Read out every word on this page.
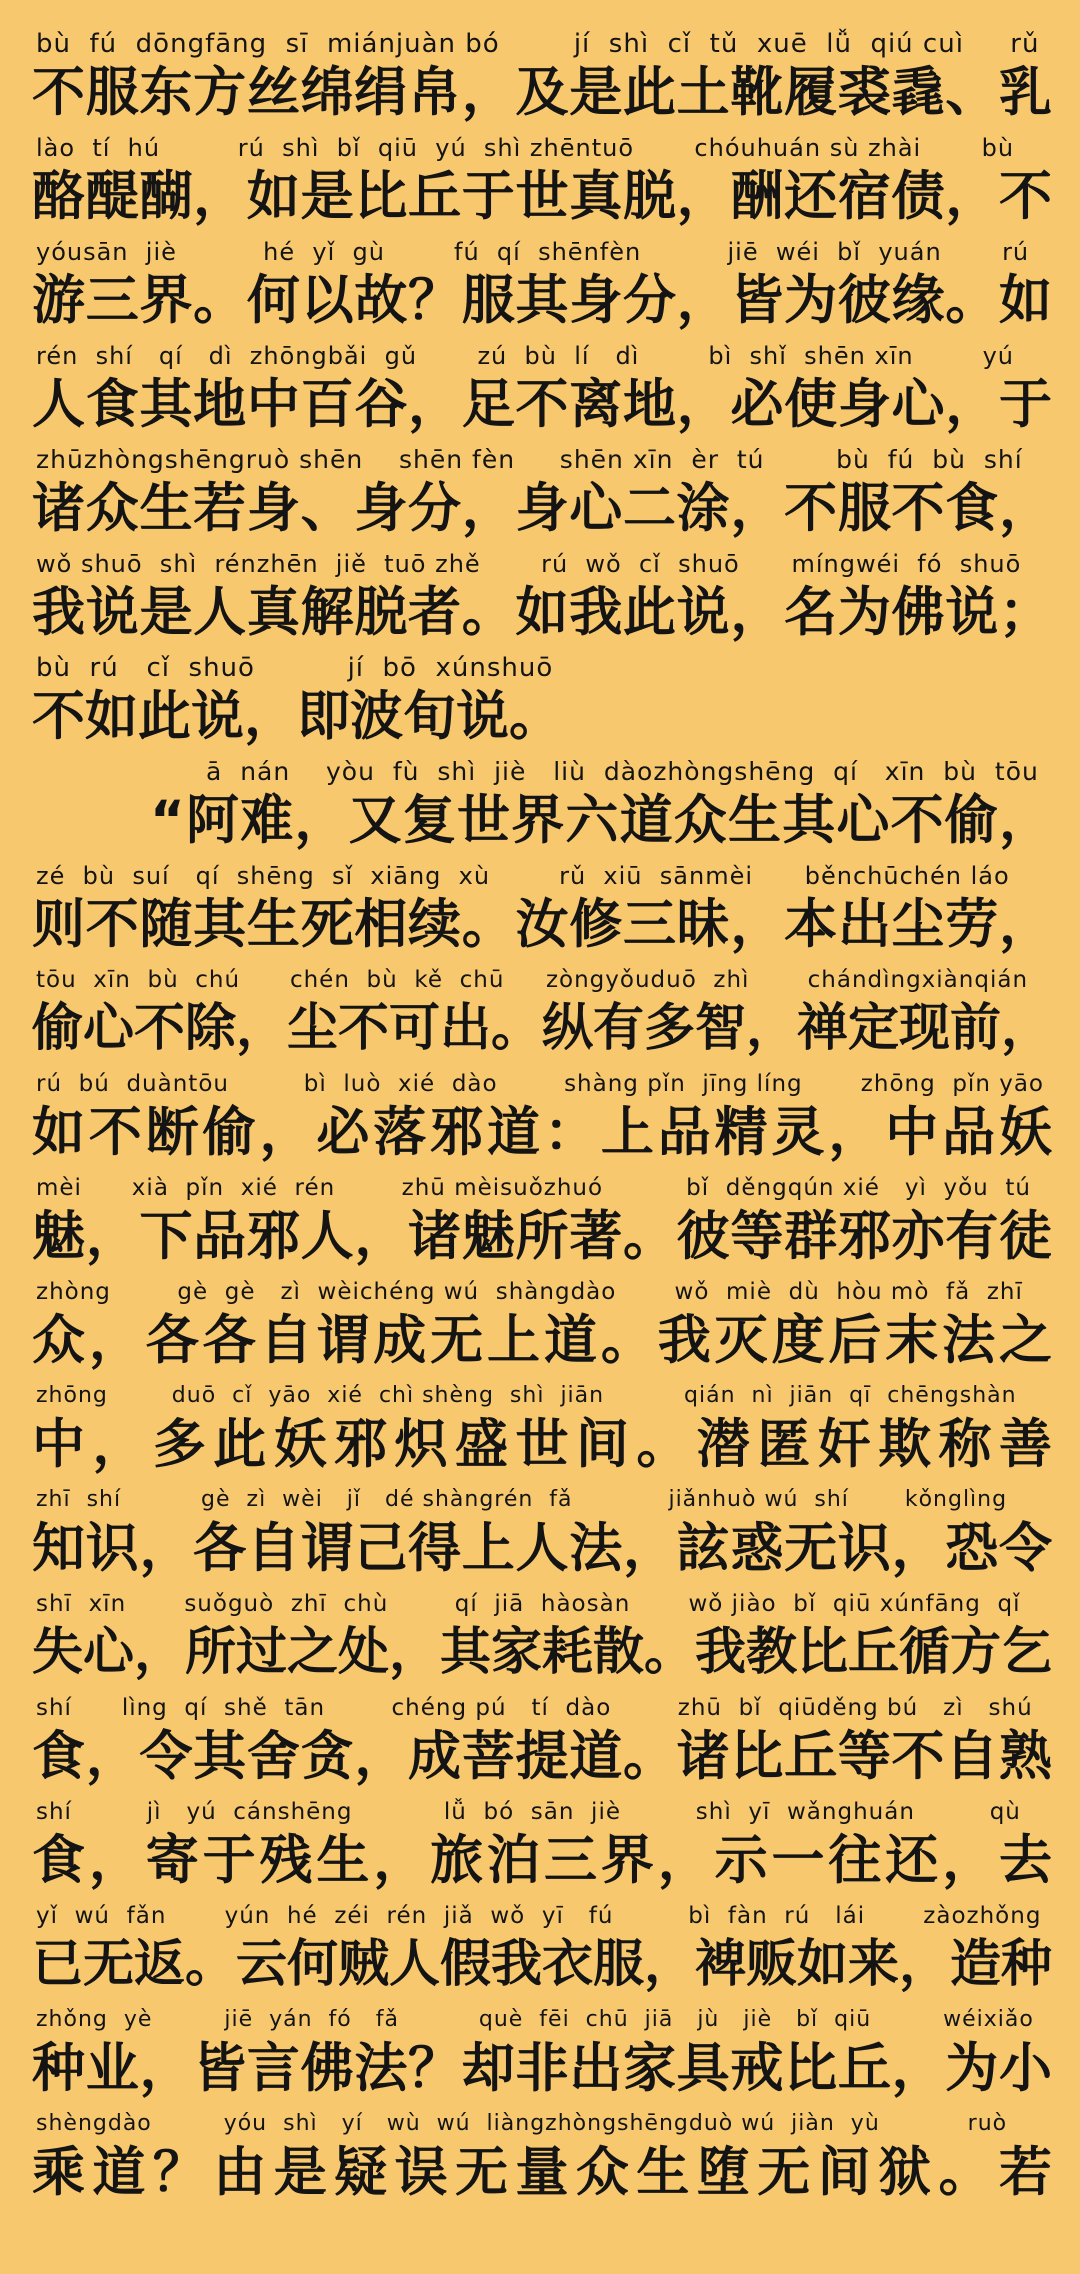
bù  fú  dōngfāng  sī  miánjuàn bó        jí  shì  cǐ  tǔ  xuē  lǚ  qiú cuì     rǔ
不服东方丝绵绢帛，及是此土靴履裘毳、乳
lào  tí  hú         rú  shì  bǐ  qiū  yú  shì zhēntuō       chóuhuán sù zhài       bù
酪醍醐，如是比丘于世真脱，酬还宿债，不
yóusān  jiè          hé  yǐ  gù        fú  qí  shēnfèn          jiē  wéi  bǐ  yuán       rú
游三界。何以故？服其身分，皆为彼缘。如
rén  shí   qí   dì  zhōngbǎi  gǔ       zú  bù  lí   dì        bì  shǐ  shēn xīn        yú
人食其地中百谷，足不离地，必使身心，于
zhūzhòngshēngruò shēn    shēn fèn     shēn xīn  èr  tú        bù  fú  bù  shí
诸众生若身、身分，身心二涂，不服不食，
wǒ shuō  shì  rénzhēn  jiě  tuō zhě       rú  wǒ  cǐ  shuō      míngwéi  fó  shuō
我说是人真解脱者。如我此说，名为佛说；
bù  rú   cǐ  shuō          jí  bō  xúnshuō
不如此说，即波旬说。
ā  nán    yòu  fù  shì  jiè   liù  dàozhòngshēng  qí   xīn  bù  tōu
“阿难，又复世界六道众生其心不偷，
zé  bù  suí   qí  shēng  sǐ  xiāng  xù        rǔ  xiū  sānmèi      běnchūchén láo
则不随其生死相续。汝修三昧，本出尘劳，
tōu  xīn  bù  chú      chén  bù  kě  chū     zòngyǒuduō  zhì       chándìngxiànqián
偷心不除，尘不可出。纵有多智，禅定现前，
rú  bú  duàntōu         bì  luò  xié  dào        shàng pǐn  jīng líng       zhōng  pǐn yāo
如不断偷，必落邪道：上品精灵，中品妖
mèi      xià  pǐn  xié  rén        zhū mèisuǒzhuó          bǐ  děngqún xié   yì  yǒu  tú
魅，下品邪人，诸魅所著。彼等群邪亦有徒
zhòng        gè  gè   zì  wèichéng wú  shàngdào       wǒ  miè  dù  hòu mò  fǎ  zhī
众，各各自谓成无上道。我灭度后末法之
zhōng        duō  cǐ  yāo  xié  chì shèng  shì  jiān          qián  nì  jiān  qī  chēngshàn
中，多此妖邪炽盛世间。潜匿奸欺称善
zhī  shí          gè  zì  wèi   jǐ   dé shàngrén  fǎ            jiǎnhuò wú  shí       kǒnglìng
知识，各自谓己得上人法，詃惑无识，恐令
shī  xīn       suǒguò  zhī  chù        qí  jiā  hàosàn       wǒ jiào  bǐ  qiū xúnfāng  qǐ
失心，所过之处，其家耗散。我教比丘循方乞
shí      lìng  qí  shě  tān        chéng pú   tí  dào        zhū  bǐ  qiūděng bú   zì   shú
食，令其舍贪，成菩提道。诸比丘等不自熟
shí         jì   yú  cánshēng           lǚ  bó  sān  jiè         shì  yī  wǎnghuán         qù
食，寄于残生，旅泊三界，示一往还，去
yǐ  wú  fǎn       yún  hé  zéi  rén  jiǎ  wǒ  yī   fú         bì  fàn  rú   lái       zàozhǒng
已无返。云何贼人假我衣服，裨贩如来，造种
zhǒng  yè         jiē  yán  fó   fǎ          què  fēi  chū  jiā   jù   jiè   bǐ  qiū         wéixiǎo
种业，皆言佛法？却非出家具戒比丘，为小
shèngdào         yóu  shì   yí   wù  wú  liàngzhòngshēngduò wú  jiàn  yù           ruò
乘道？由是疑误无量众生堕无间狱。若
